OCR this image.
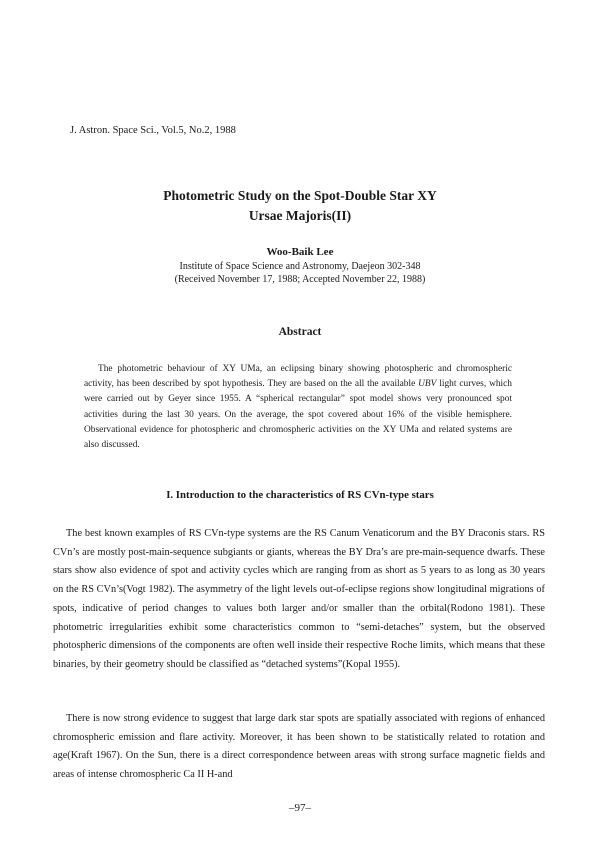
J. Astron. Space Sci., Vol.5, No.2, 1988
Photometric Study on the Spot-Double Star XY
Ursae Majoris(II)
Woo-Baik Lee
Institute of Space Science and Astronomy, Daejeon 302-348
(Received November 17, 1988; Accepted November 22, 1988)
Abstract
The photometric behaviour of XY UMa, an eclipsing binary showing photospheric and chromospheric activity, has been described by spot hypothesis. They are based on the all the available UBV light curves, which were carried out by Geyer since 1955. A “spherical rectangular” spot model shows very pronounced spot activities during the last 30 years. On the average, the spot covered about 16% of the visible hemisphere. Observational evidence for photospheric and chromospheric activities on the XY UMa and related systems are also discussed.
I. Introduction to the characteristics of RS CVn-type stars
The best known examples of RS CVn-type systems are the RS Canum Venaticorum and the BY Draconis stars. RS CVn’s are mostly post-main-sequence subgiants or giants, whereas the BY Dra’s are pre-main-sequence dwarfs. These stars show also evidence of spot and activity cycles which are ranging from as short as 5 years to as long as 30 years on the RS CVn’s(Vogt 1982). The asymmetry of the light levels out-of-eclipse regions show longitudinal migrations of spots, indicative of period changes to values both larger and/or smaller than the orbital(Rodono 1981). These photometric irregularities exhibit some characteristics common to “semi-detaches” system, but the observed photospheric dimensions of the components are often well inside their respective Roche limits, which means that these binaries, by their geometry should be classified as “detached systems”(Kopal 1955).
There is now strong evidence to suggest that large dark star spots are spatially associated with regions of enhanced chromospheric emission and flare activity. Moreover, it has been shown to be statistically related to rotation and age(Kraft 1967). On the Sun, there is a direct correspondence between areas with strong surface magnetic fields and areas of intense chromospheric Ca II H-and
–97–
